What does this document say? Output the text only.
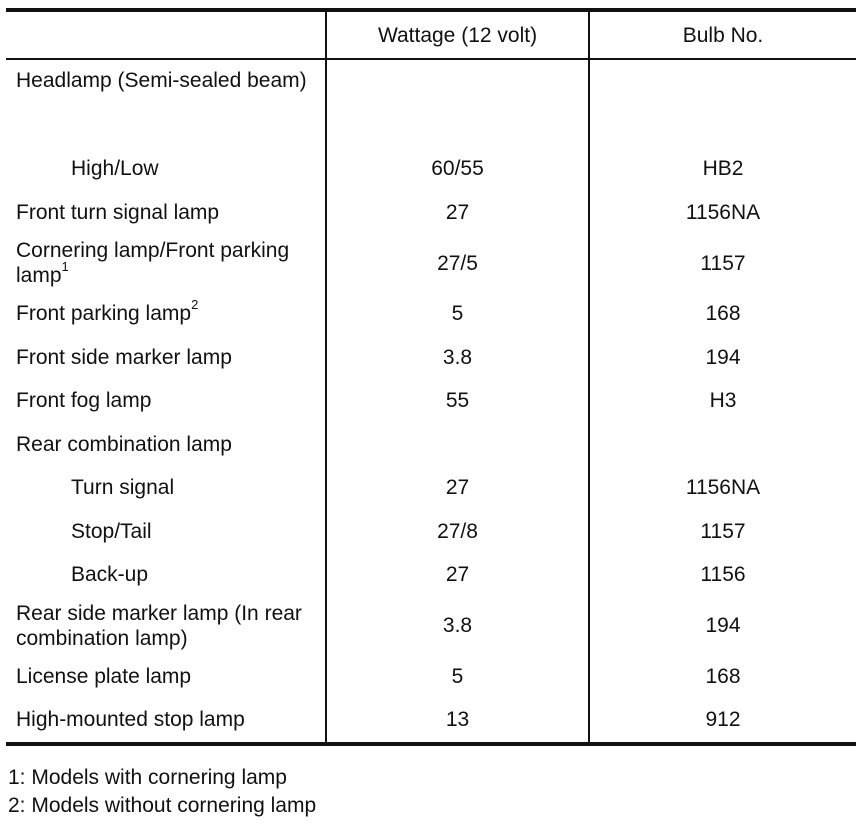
	Wattage (12 volt)	Bulb No.
Headlamp (Semi-sealed beam)		
High/Low	60/55	HB2
Front turn signal lamp	27	1156NA
Cornering lamp/Front parking lamp$^1$	27/5	1157
Front parking lamp$^2$	5	168
Front side marker lamp	3.8	194
Front fog lamp	55	H3
Rear combination lamp		
Turn signal	27	1156NA
Stop/Tail	27/8	1157
Back-up	27	1156
Rear side marker lamp (In rear combination lamp)	3.8	194
License plate lamp	5	168
High-mounted stop lamp	13	912
1: Models with cornering lamp
2: Models without cornering lamp
